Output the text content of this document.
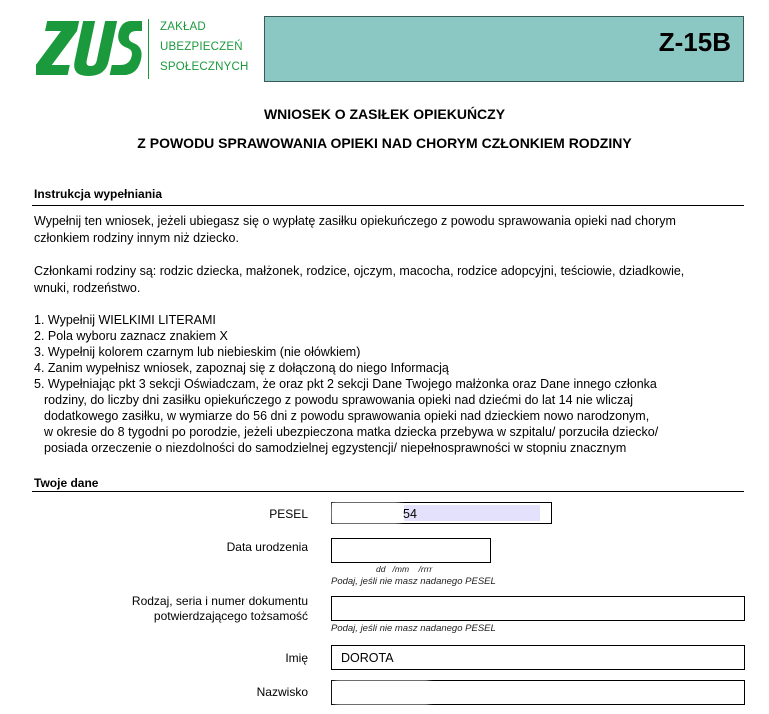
ZAKŁAD
UBEZPIECZEŃ
SPOŁECZNYCH
Z-15B
WNIOSEK O ZASIŁEK OPIEKUŃCZY
Z POWODU SPRAWOWANIA OPIEKI NAD CHORYM CZŁONKIEM RODZINY
Instrukcja wypełniania
Wypełnij ten wniosek, jeżeli ubiegasz się o wypłatę zasiłku opiekuńczego z powodu sprawowania opieki nad chorym
członkiem rodziny innym niż dziecko.
Członkami rodziny są: rodzic dziecka, małżonek, rodzice, ojczym, macocha, rodzice adopcyjni, teściowie, dziadkowie,
wnuki, rodzeństwo.
1. Wypełnij WIELKIMI LITERAMI
2. Pola wyboru zaznacz znakiem X
3. Wypełnij kolorem czarnym lub niebieskim (nie ołówkiem)
4. Zanim wypełnisz wniosek, zapoznaj się z dołączoną do niego Informacją
5. Wypełniając pkt 3 sekcji Oświadczam, że oraz pkt 2 sekcji Dane Twojego małżonka oraz Dane innego członka
rodziny, do liczby dni zasiłku opiekuńczego z powodu sprawowania opieki nad dziećmi do lat 14 nie wliczaj
dodatkowego zasiłku, w wymiarze do 56 dni z powodu sprawowania opieki nad dzieckiem nowo narodzonym,
w okresie do 8 tygodni po porodzie, jeżeli ubezpieczona matka dziecka przebywa w szpitalu/ porzuciła dziecko/
posiada orzeczenie o niezdolności do samodzielnej egzystencji/ niepełnosprawności w stopniu znacznym
Twoje dane
PESEL	54
Data urodzenia
dd   /mm    /rrrr
Podaj, jeśli nie masz nadanego PESEL
Rodzaj, seria i numer dokumentu
potwierdzającego tożsamość
Podaj, jeśli nie masz nadanego PESEL
Imię	DOROTA
Nazwisko
